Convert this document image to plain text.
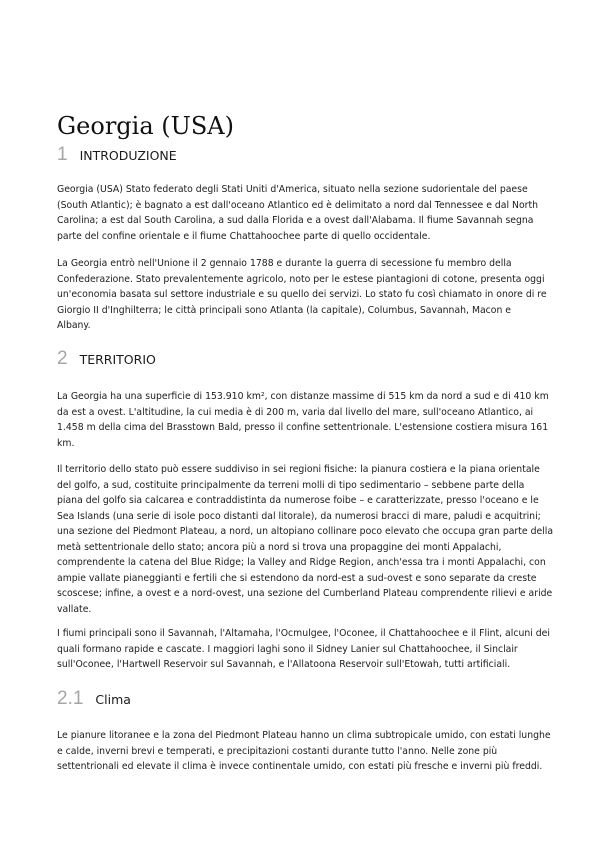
Georgia (USA)
1 INTRODUZIONE
Georgia (USA) Stato federato degli Stati Uniti d'America, situato nella sezione sudorientale del paese
(South Atlantic); è bagnato a est dall'oceano Atlantico ed è delimitato a nord dal Tennessee e dal North
Carolina; a est dal South Carolina, a sud dalla Florida e a ovest dall'Alabama. Il fiume Savannah segna
parte del confine orientale e il fiume Chattahoochee parte di quello occidentale.
La Georgia entrò nell'Unione il 2 gennaio 1788 e durante la guerra di secessione fu membro della
Confederazione. Stato prevalentemente agricolo, noto per le estese piantagioni di cotone, presenta oggi
un'economia basata sul settore industriale e su quello dei servizi. Lo stato fu così chiamato in onore di re
Giorgio II d'Inghilterra; le città principali sono Atlanta (la capitale), Columbus, Savannah, Macon e
Albany.
2 TERRITORIO
La Georgia ha una superficie di 153.910 km², con distanze massime di 515 km da nord a sud e di 410 km
da est a ovest. L'altitudine, la cui media è di 200 m, varia dal livello del mare, sull'oceano Atlantico, ai
1.458 m della cima del Brasstown Bald, presso il confine settentrionale. L'estensione costiera misura 161
km.
Il territorio dello stato può essere suddiviso in sei regioni fisiche: la pianura costiera e la piana orientale
del golfo, a sud, costituite principalmente da terreni molli di tipo sedimentario – sebbene parte della
piana del golfo sia calcarea e contraddistinta da numerose foibe – e caratterizzate, presso l'oceano e le
Sea Islands (una serie di isole poco distanti dal litorale), da numerosi bracci di mare, paludi e acquitrini;
una sezione del Piedmont Plateau, a nord, un altopiano collinare poco elevato che occupa gran parte della
metà settentrionale dello stato; ancora più a nord si trova una propaggine dei monti Appalachi,
comprendente la catena del Blue Ridge; la Valley and Ridge Region, anch'essa tra i monti Appalachi, con
ampie vallate pianeggianti e fertili che si estendono da nord-est a sud-ovest e sono separate da creste
scoscese; infine, a ovest e a nord-ovest, una sezione del Cumberland Plateau comprendente rilievi e aride
vallate.
I fiumi principali sono il Savannah, l'Altamaha, l'Ocmulgee, l'Oconee, il Chattahoochee e il Flint, alcuni dei
quali formano rapide e cascate. I maggiori laghi sono il Sidney Lanier sul Chattahoochee, il Sinclair
sull'Oconee, l'Hartwell Reservoir sul Savannah, e l'Allatoona Reservoir sull'Etowah, tutti artificiali.
2.1 Clima
Le pianure litoranee e la zona del Piedmont Plateau hanno un clima subtropicale umido, con estati lunghe
e calde, inverni brevi e temperati, e precipitazioni costanti durante tutto l'anno. Nelle zone più
settentrionali ed elevate il clima è invece continentale umido, con estati più fresche e inverni più freddi.
